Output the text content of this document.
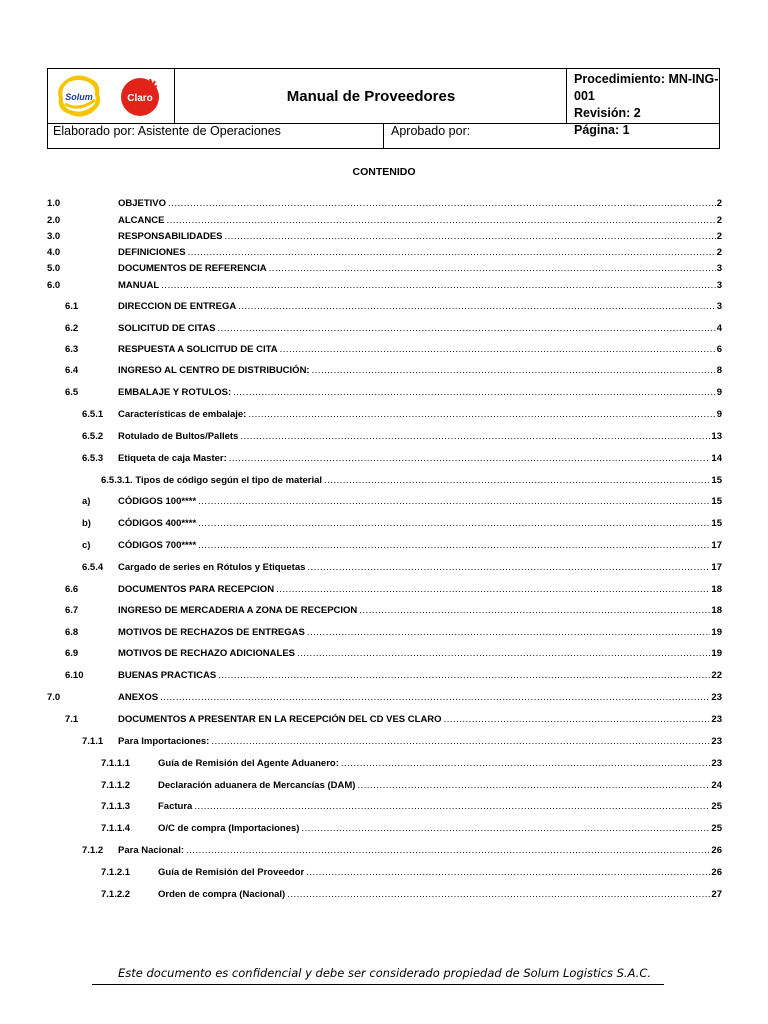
Solum	Claro	Manual de Proveedores
Procedimiento: MN-ING-001
Revisión: 2
Página: 1
Elaborado por: Asistente de Operaciones	Aprobado por:
CONTENIDO
1.0	OBJETIVO .....	2
2.0	ALCANCE .....	2
3.0	RESPONSABILIDADES .....	2
4.0	DEFINICIONES .....	2
5.0	DOCUMENTOS DE REFERENCIA .....	3
6.0	MANUAL .....	3
6.1	DIRECCION DE ENTREGA .....	3
6.2	SOLICITUD DE CITAS .....	4
6.3	RESPUESTA A SOLICITUD DE CITA .....	6
6.4	INGRESO AL CENTRO DE DISTRIBUCIÓN: .....	8
6.5	EMBALAJE Y ROTULOS: .....	9
6.5.1 Características de embalaje: .....	9
6.5.2 Rotulado de Bultos/Pallets .....	13
6.5.3 Etiqueta de caja Master: .....	14
6.5.3.1. Tipos de código según el tipo de material .....	15
a)	CÓDIGOS 100**** .....	15
b)	CÓDIGOS 400**** .....	15
c)	CÓDIGOS 700**** .....	17
6.5.4 Cargado de series en Rótulos y Etiquetas .....	17
6.6	DOCUMENTOS PARA RECEPCION .....	18
6.7	INGRESO DE MERCADERIA A ZONA DE RECEPCION .....	18
6.8	MOTIVOS DE RECHAZOS DE ENTREGAS .....	19
6.9	MOTIVOS DE RECHAZO ADICIONALES .....	19
6.10	BUENAS PRACTICAS .....	22
7.0	ANEXOS .....	23
7.1	DOCUMENTOS A PRESENTAR EN LA RECEPCIÓN DEL CD VES CLARO .....	23
7.1.1 Para Importaciones: .....	23
7.1.1.1	Guía de Remisión del Agente Aduanero: .....	23
7.1.1.2	Declaración aduanera de Mercancías (DAM) .....	24
7.1.1.3	Factura .....	25
7.1.1.4	O/C de compra (Importaciones) .....	25
7.1.2 Para Nacional: .....	26
7.1.2.1	Guía de Remisión del Proveedor .....	26
7.1.2.2	Orden de compra (Nacional) .....	27
Este documento es confidencial y debe ser considerado propiedad de Solum Logistics S.A.C.
